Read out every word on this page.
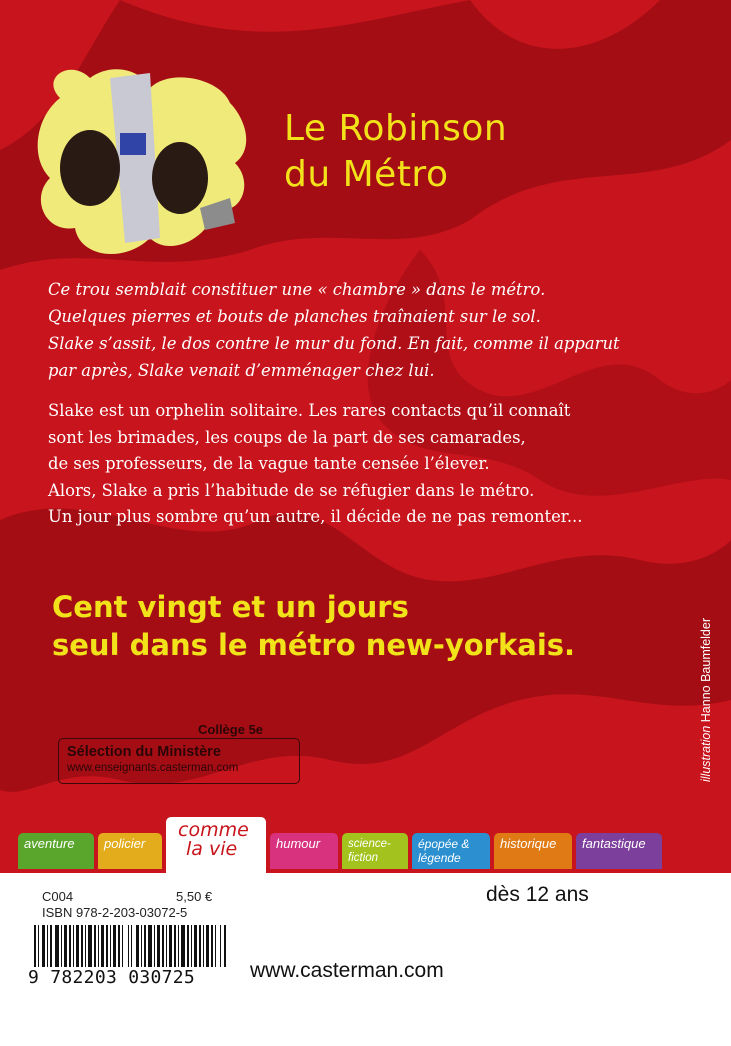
Le Robinson
du Métro
Ce trou semblait constituer une « chambre » dans le métro.
Quelques pierres et bouts de planches traînaient sur le sol.
Slake s’assit, le dos contre le mur du fond. En fait, comme il apparut
par après, Slake venait d’emménager chez lui.
Slake est un orphelin solitaire. Les rares contacts qu’il connaît
sont les brimades, les coups de la part de ses camarades,
de ses professeurs, de la vague tante censée l’élever.
Alors, Slake a pris l’habitude de se réfugier dans le métro.
Un jour plus sombre qu’un autre, il décide de ne pas remonter...
Cent vingt et un jours
seul dans le métro new-yorkais.
Collège 5e
Sélection du Ministère
www.enseignants.casterman.com	illustration Hanno Baumfelder
aventure	policier
comme
la vie	humour	science-fiction
épopée & légende
historique	fantastique
C004	5,50 €
ISBN 978-2-203-03072-5
dès 12 ans
9 782203 030725	www.casterman.com
